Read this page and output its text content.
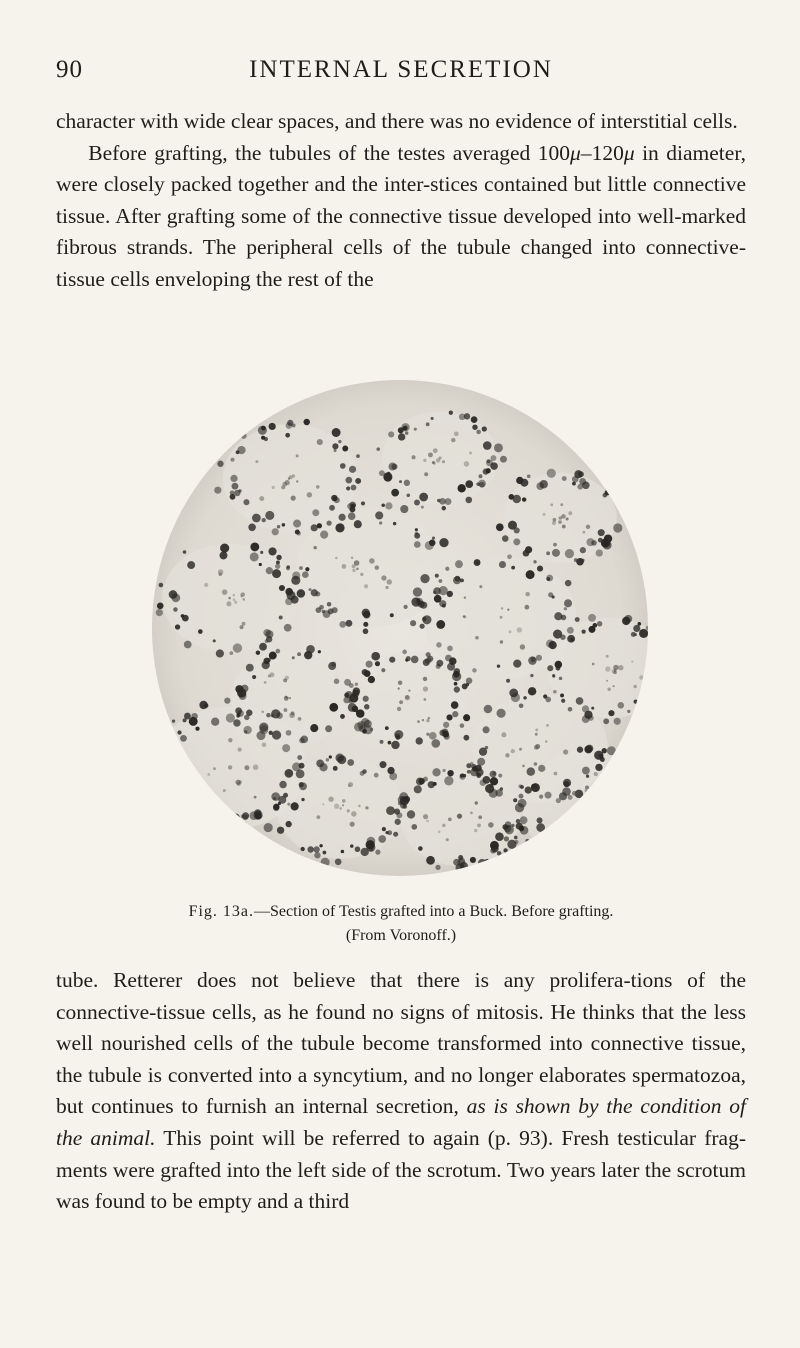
90	INTERNAL SECRETION
character with wide clear spaces, and there was no evidence of interstitial cells.
  Before grafting, the tubules of the testes averaged 100μ–120μ in diameter, were closely packed together and the inter-stices contained but little connective tissue. After grafting some of the connective tissue developed into well-marked fibrous strands. The peripheral cells of the tubule changed into connective-tissue cells enveloping the rest of the
Fig. 13a.—Section of Testis grafted into a Buck. Before grafting.
(From Voronoff.)
tube. Retterer does not believe that there is any prolifera-tions of the connective-tissue cells, as he found no signs of mitosis. He thinks that the less well nourished cells of the tubule become transformed into connective tissue, the tubule is converted into a syncytium, and no longer elaborates spermatozoa, but continues to furnish an internal secretion, as is shown by the condition of the animal. This point will be referred to again (p. 93). Fresh testicular frag-ments were grafted into the left side of the scrotum. Two years later the scrotum was found to be empty and a third
